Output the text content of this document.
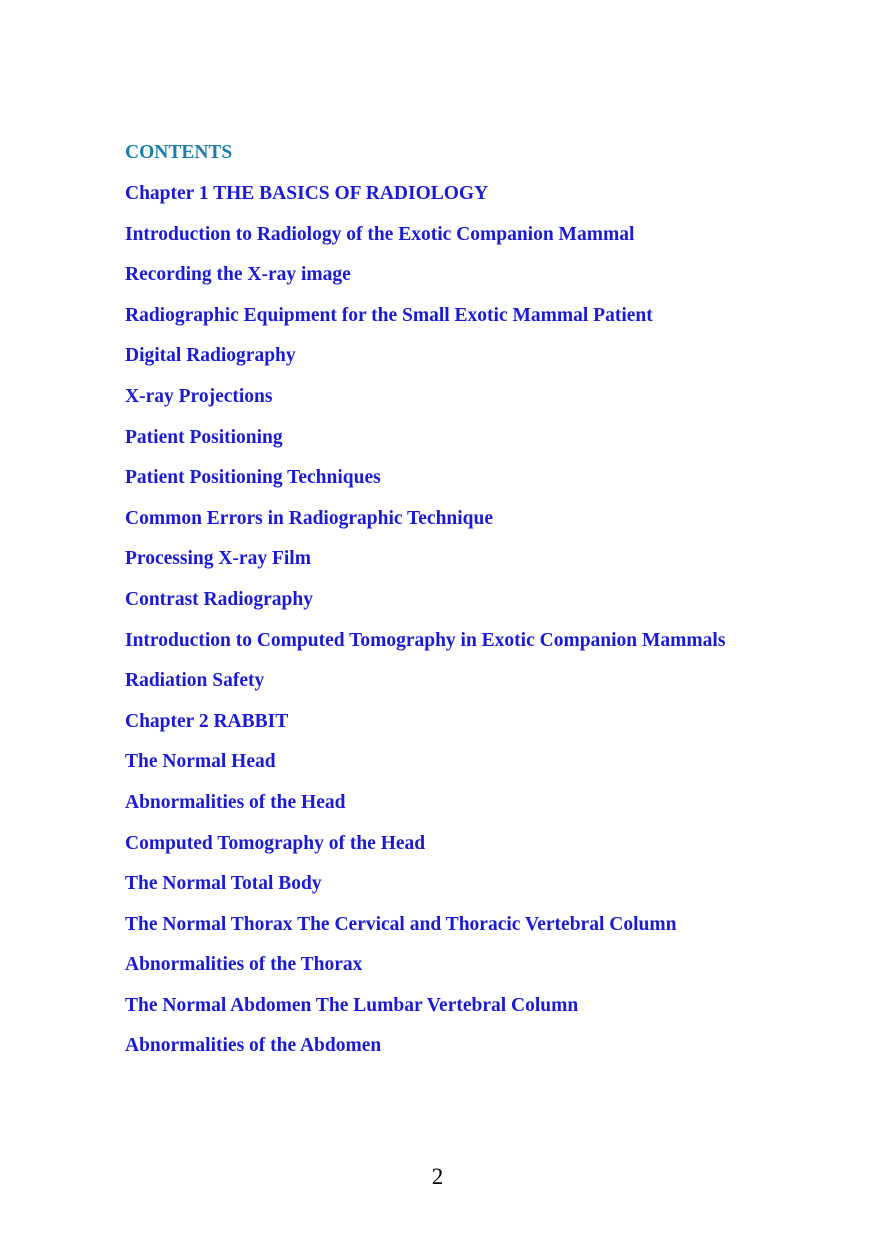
CONTENTS
Chapter 1 THE BASICS OF RADIOLOGY
Introduction to Radiology of the Exotic Companion Mammal
Recording the X-ray image
Radiographic Equipment for the Small Exotic Mammal Patient
Digital Radiography
X-ray Projections
Patient Positioning
Patient Positioning Techniques
Common Errors in Radiographic Technique
Processing X-ray Film
Contrast Radiography
Introduction to Computed Tomography in Exotic Companion Mammals
Radiation Safety
Chapter 2 RABBIT
The Normal Head
Abnormalities of the Head
Computed Tomography of the Head
The Normal Total Body
The Normal Thorax The Cervical and Thoracic Vertebral Column
Abnormalities of the Thorax
The Normal Abdomen The Lumbar Vertebral Column
Abnormalities of the Abdomen
2
